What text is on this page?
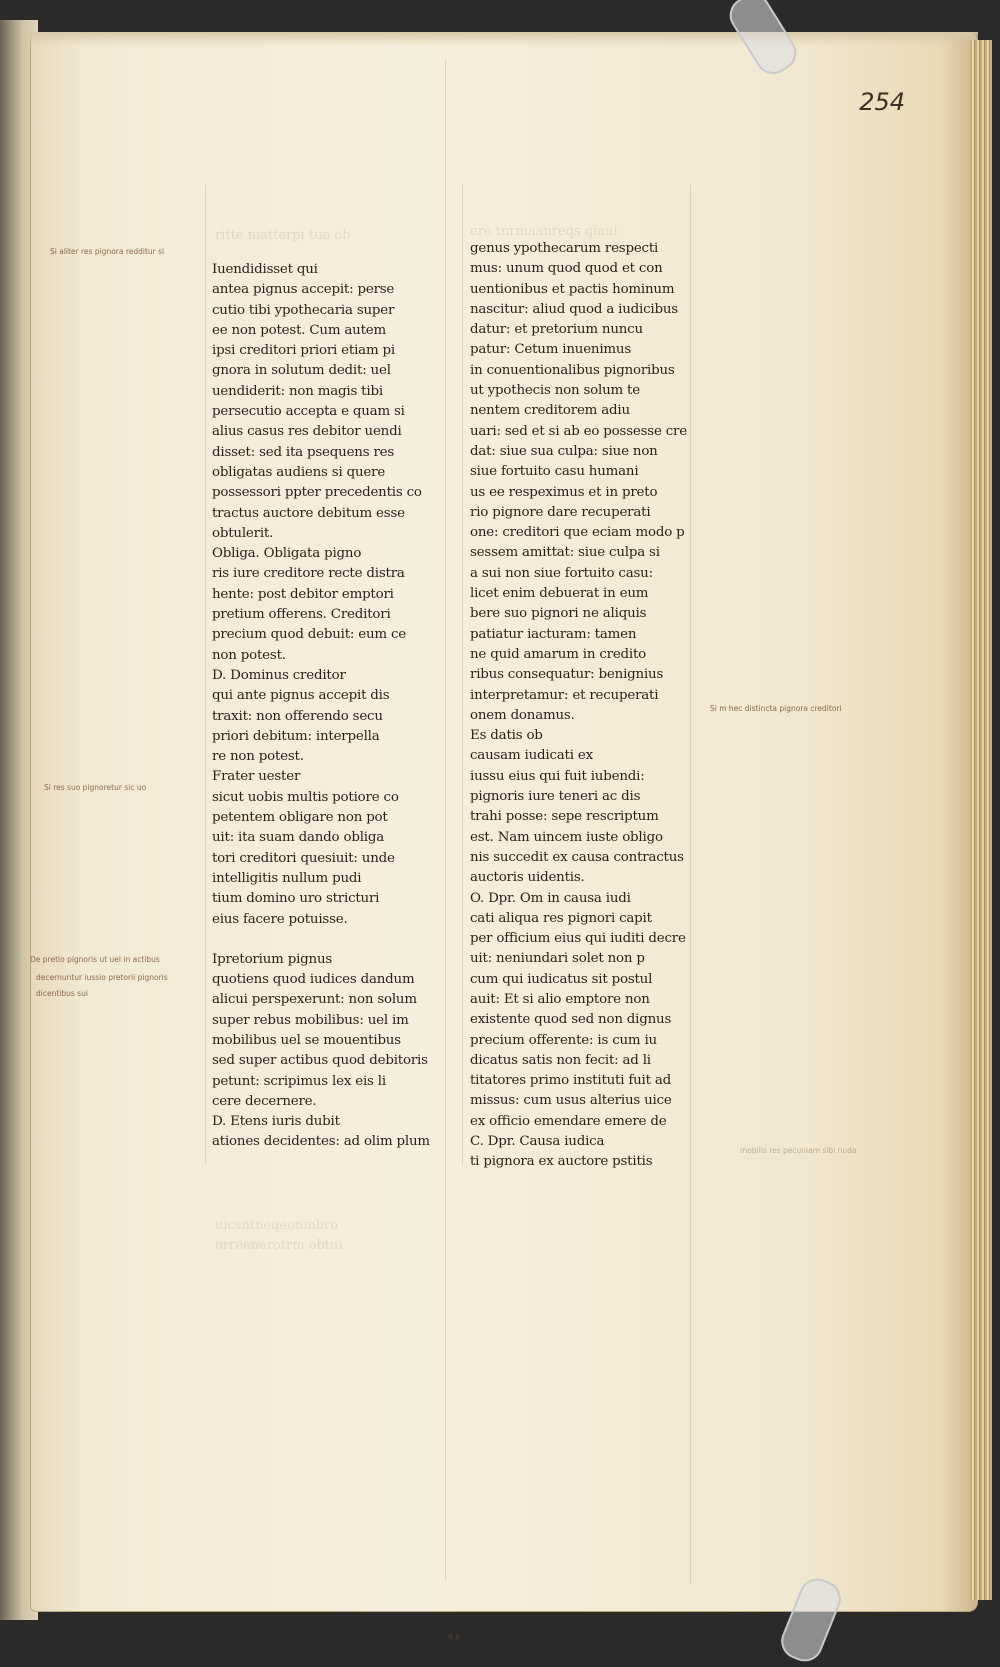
ritte niatterpi tuo ob	ere tnrmaanreqs qiaui
uicsntneqeonmbro
orreenerotrm obtui
254
Si aliter res pignora redditur si
Si m hec distincta pignora creditori
Si res suo pignoretur sic uo
De pretio pignoris ut uel in actibus
decernuntur iussio pretorii pignoris
dicentibus sui
mobilis res pecuniam sibi nuda
d e
Iuendidisset qui
antea pignus accepit: perse
cutio tibi ypothecaria super
ee non potest. Cum autem
ipsi creditori priori etiam pi
gnora in solutum dedit: uel
uendiderit: non magis tibi
persecutio accepta e quam si
alius casus res debitor uendi
disset: sed ita psequens res
obligatas audiens si quere
possessori ppter precedentis co
tractus auctore debitum esse
obtulerit.
Obliga. Obligata pigno
ris iure creditore recte distra
hente: post debitor emptori
pretium offerens. Creditori
precium quod debuit: eum ce
non potest.
D. Dominus creditor
qui ante pignus accepit dis
traxit: non offerendo secu
priori debitum: interpella
re non potest.
Frater uester
sicut uobis multis potiore co
petentem obligare non pot
uit: ita suam dando obliga
tori creditori quesiuit: unde
intelligitis nullum pudi
tium domino uro stricturi
eius facere potuisse.
Ipretorium pignus
quotiens quod iudices dandum
alicui perspexerunt: non solum
super rebus mobilibus: uel im
mobilibus uel se mouentibus
sed super actibus quod debitoris
petunt: scripimus lex eis li
cere decernere.
D. Etens iuris dubit
ationes decidentes: ad olim plum
genus ypothecarum respecti
mus: unum quod quod et con
uentionibus et pactis hominum
nascitur: aliud quod a iudicibus
datur: et pretorium nuncu
patur: Cetum inuenimus
in conuentionalibus pignoribus
ut ypothecis non solum te
nentem creditorem adiu
uari: sed et si ab eo possesse cre
dat: siue sua culpa: siue non
siue fortuito casu humani
us ee respeximus et in preto
rio pignore dare recuperati
one: creditori que eciam modo p
sessem amittat: siue culpa si
a sui non siue fortuito casu:
licet enim debuerat in eum
bere suo pignori ne aliquis
patiatur iacturam: tamen
ne quid amarum in credito
ribus consequatur: benignius
interpretamur: et recuperati
onem donamus.
Es datis ob
causam iudicati ex
iussu eius qui fuit iubendi:
pignoris iure teneri ac dis
trahi posse: sepe rescriptum
est. Nam uincem iuste obligo
nis succedit ex causa contractus
auctoris uidentis.
O. Dpr. Om in causa iudi
cati aliqua res pignori capit
per officium eius qui iuditi decre
uit: neniundari solet non p
cum qui iudicatus sit postul
auit: Et si alio emptore non
existente quod sed non dignus
precium offerente: is cum iu
dicatus satis non fecit: ad li
titatores primo instituti fuit ad
missus: cum usus alterius uice
ex officio emendare emere de
C. Dpr. Causa iudica
ti pignora ex auctore pstitis
